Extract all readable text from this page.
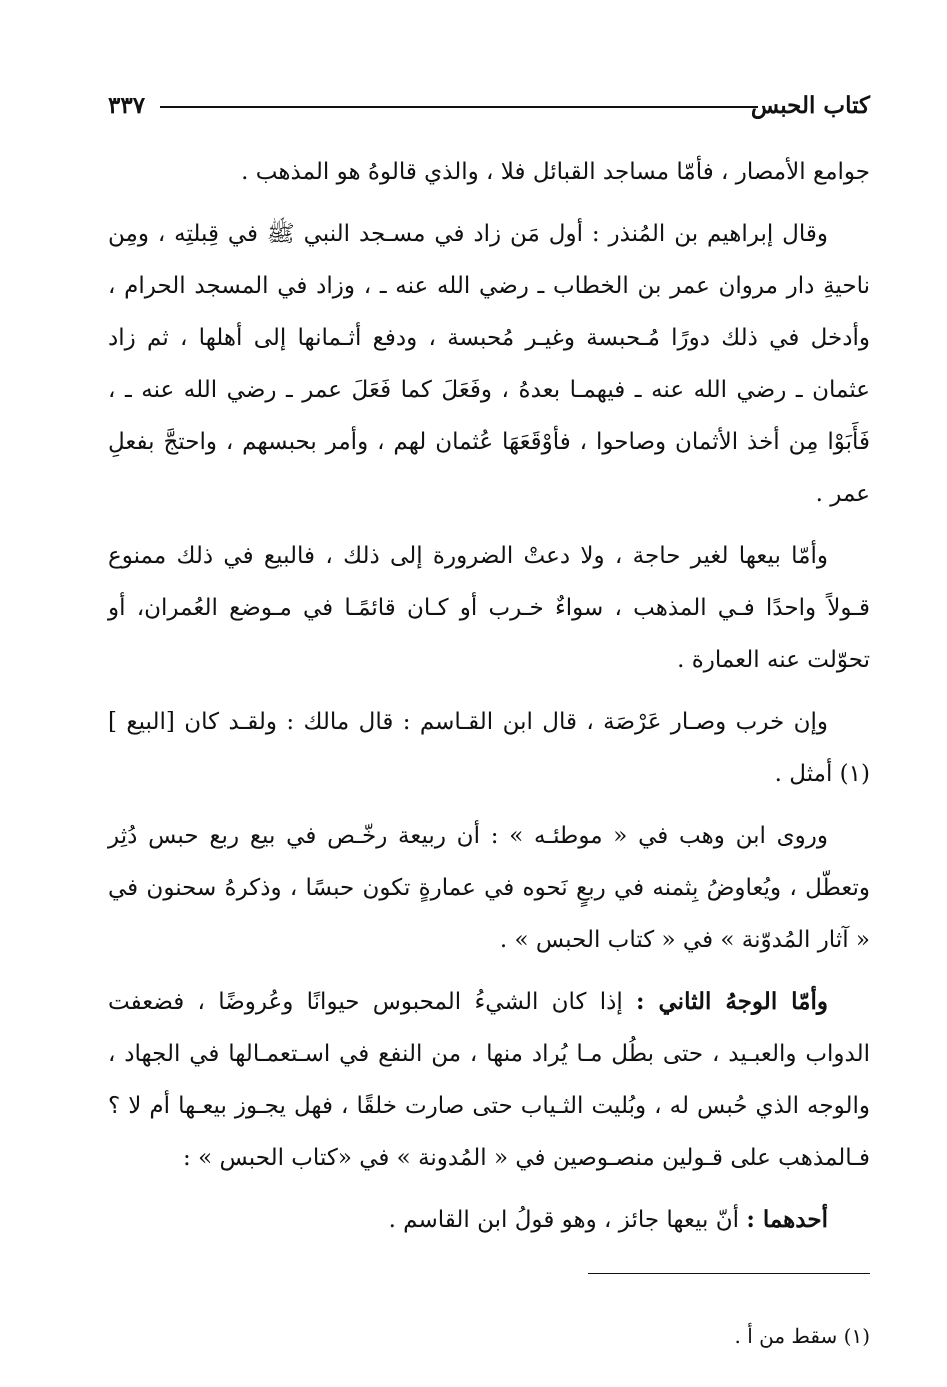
كتاب الحبس
٣٣٧

جوامع الأمصار ، فأمّا مساجد القبائل فلا ، والذي قالوهُ هو المذهب .

وقال إبراهيم بن المُنذر : أول مَن زاد في مسـجد النبي ﷺ في قِبلتِه ، ومِن ناحيةِ دار مروان عمر بن الخطاب ـ رضي الله عنه ـ ، وزاد في المسجد الحرام ، وأدخل في ذلك دورًا مُـحبسة وغيـر مُحبسة ، ودفع أثـمانها إلى أهلها ، ثم زاد عثمان ـ رضي الله عنه ـ فيهمـا بعدهُ ، وفَعَلَ كما فَعَلَ عمر ـ رضي الله عنه ـ ، فَأَبَوْا مِن أخذ الأثمان وصاحوا ، فأوْقَعَهَا عُثمان لهم ، وأمر بحبسهم ، واحتجَّ بفعلِ عمر .

وأمّا بيعها لغير حاجة ، ولا دعتْ الضرورة إلى ذلك ، فالبيع في ذلك ممنوع قـولاً واحدًا فـي المذهب ، سواءٌ خـرب أو كـان قائمًـا في مـوضع العُمران، أو تحوّلت عنه العمارة .

وإن خرب وصـار عَرْصَة ، قال ابن القـاسم : قال مالك : ولقـد كان [البيع ] (١) أمثل .

وروى ابن وهب في « موطئـه » : أن ربيعة رخّـص في بيع ربع حبس دُثِر وتعطّل ، ويُعاوضُ بِثمنه في ربعٍ نَحوه في عمارةٍ تكون حبسًا ، وذكرهُ سحنون في « آثار المُدوّنة » في « كتاب الحبس » .

وأمّا الوجهُ الثاني : إذا كان الشيءُ المحبوس حيوانًا وعُروضًا ، فضعفت الدواب والعبـيد ، حتى بطُل مـا يُراد منها ، من النفع في اسـتعمـالها في الجهاد ، والوجه الذي حُبس له ، وبُليت الثـياب حتى صارت خلقًا ، فهل يجـوز بيعـها أم لا ؟ فـالمذهب على قـولين منصـوصين في « المُدونة » في «كتاب الحبس » :

أحدهما : أنّ بيعها جائز ، وهو قولُ ابن القاسم .

(١) سقط من أ .
